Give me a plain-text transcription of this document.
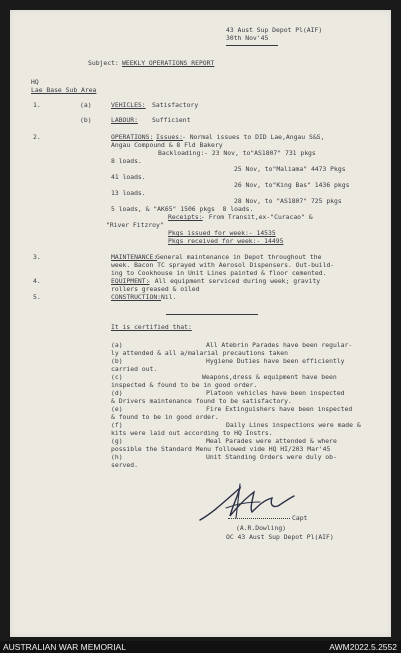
43 Aust Sup Depot Pl(AIF)
30th Nov'45
Subject: WEEKLY OPERATIONS REPORT
HQ
Lae Base Sub Area
1.	(a)	VEHICLES: Satisfactory
(b)	LABOUR: Sufficient
2.	OPERATIONS: Issues: - Normal issues to DID Lae,Angau S&S,
Angau Compound & 8 Fld Bakery
Backloading:- 23 Nov, to"AS1807" 731 pkgs
8 loads.
25 Nov, to"Maliama" 4473 Pkgs
41 loads.
26 Nov, to"King Bas" 1436 pkgs
13 loads.
28 Nov, to "AS1807" 725 pkgs
5 loads, & "AK65" 1506 pkgs  8 loads.
Receipts:
- From Transit,ex-"Curacao" &
"River Fitzroy"
Pkgs issued for week:- 14535
Pkgs received for week:- 14495
3.	MAINTENANCE:
General maintenance in Depot throughout the
week. Bacon TC sprayed with Aerosol Dispensers. Out-build-
ing to Cookhouse in Unit Lines painted & floor cemented.
4.	EQUIPMENT:
- All equipment serviced during week; gravity
rollers greased & oiled
5.	CONSTRUCTION: Nil.
It is certified that:
(a)	All Atebrin Parades have been regular-
ly attended & all a/malarial precautions taken
(b)	Hygiene Duties have been efficiently
carried out.
(c)	Weapons,dress & equipment have been
inspected & found to be in good order.
(d)	Platoon vehicles have been inspected
& Drivers maintenance found to be satisfactory.
(e)	Fire Extinguishers have been inspected
& found to be in good order.
(f)	Daily Lines inspections were made &
kits were laid out according to HQ Instrs.
(g)	Meal Parades were attended & where
possible the Standard Menu followed vide HQ HI/203 Mar'45
(h)	Unit Standing Orders were duly ob-
served.
Capt
(A.R.Dowling)
OC 43 Aust Sup Depot Pl(AIF)
AUSTRALIAN WAR MEMORIAL	AWM2022.5.2552
